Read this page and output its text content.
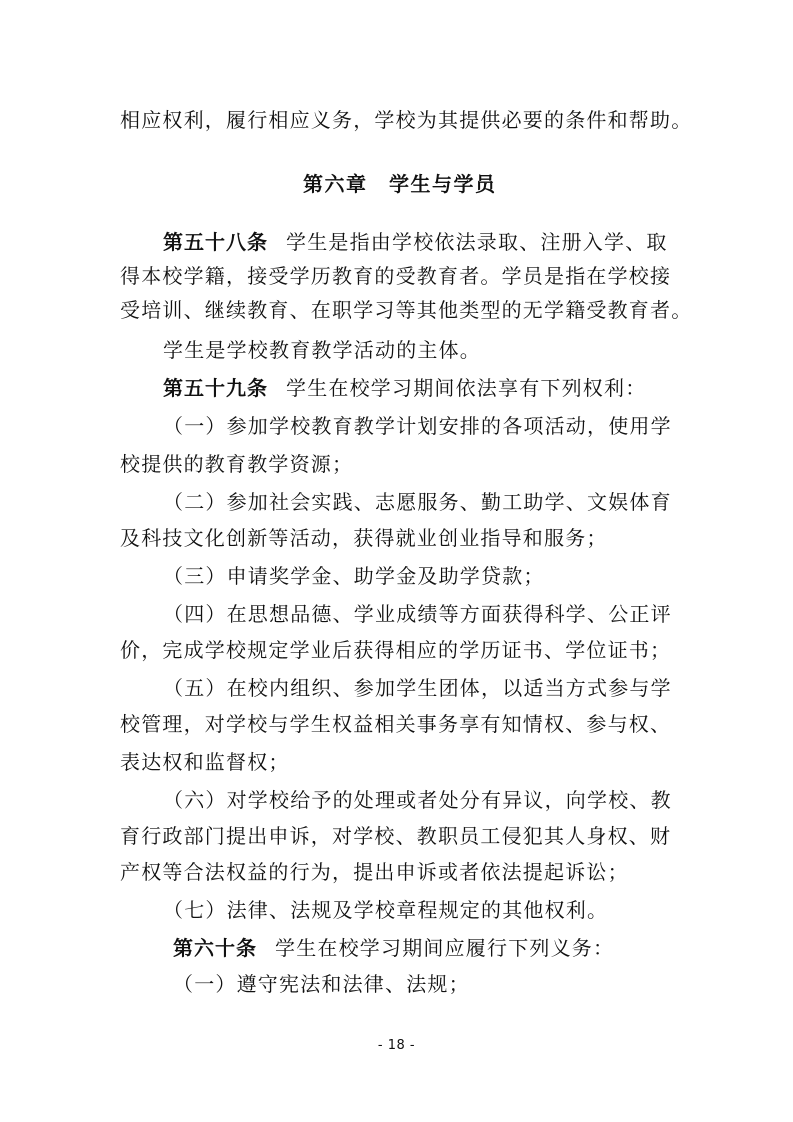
相应权利，履行相应义务，学校为其提供必要的条件和帮助。
第六章　学生与学员
第五十八条 学生是指由学校依法录取、注册入学、取
得本校学籍，接受学历教育的受教育者。学员是指在学校接
受培训、继续教育、在职学习等其他类型的无学籍受教育者。
学生是学校教育教学活动的主体。
第五十九条 学生在校学习期间依法享有下列权利：
（一）参加学校教育教学计划安排的各项活动，使用学
校提供的教育教学资源；
（二）参加社会实践、志愿服务、勤工助学、文娱体育
及科技文化创新等活动，获得就业创业指导和服务；
（三）申请奖学金、助学金及助学贷款；
（四）在思想品德、学业成绩等方面获得科学、公正评
价，完成学校规定学业后获得相应的学历证书、学位证书；
（五）在校内组织、参加学生团体，以适当方式参与学
校管理，对学校与学生权益相关事务享有知情权、参与权、
表达权和监督权；
（六）对学校给予的处理或者处分有异议，向学校、教
育行政部门提出申诉，对学校、教职员工侵犯其人身权、财
产权等合法权益的行为，提出申诉或者依法提起诉讼；
（七）法律、法规及学校章程规定的其他权利。
第六十条 学生在校学习期间应履行下列义务：
（一）遵守宪法和法律、法规；
- 18 -
